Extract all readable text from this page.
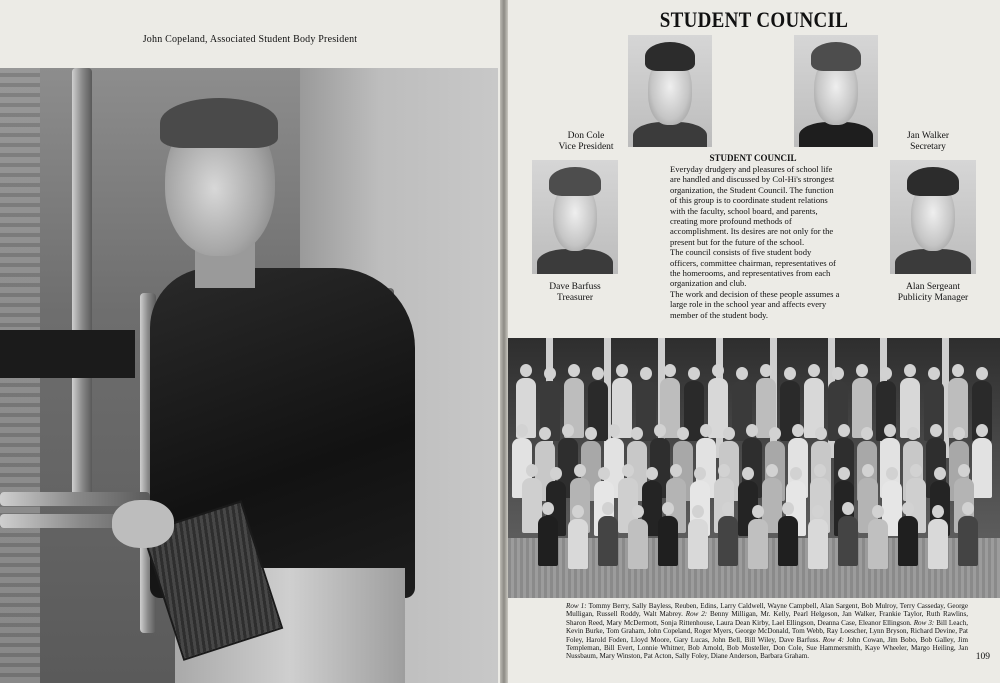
John Copeland, Associated Student Body President
STUDENT COUNCIL
Don Cole
Vice President
Jan Walker
Secretary
Dave Barfuss
Treasurer
Alan Sergeant
Publicity Manager
STUDENT COUNCIL

Everyday drudgery and pleasures of school life are handled and discussed by Col-Hi's strongest organization, the Student Council. The function of this group is to coordinate student relations with the faculty, school board, and parents, creating more profound methods of accomplishment. Its desires are not only for the present but for the future of the school.

The council consists of five student body officers, committee chairman, representatives of the homerooms, and representatives from each organization and club.

The work and decision of these people assumes a large role in the school year and affects every member of the student body.

Row 1: Tommy Berry, Sally Bayless, Reuben, Edins, Larry Caldwell, Wayne Campbell, Alan Sargent, Bob Mulroy, Terry Casseday, George Mulligan, Russell Roddy, Walt Mabrey. Row 2: Benny Milligan, Mr. Kelly, Pearl Helgeson, Jan Walker, Frankie Taylor, Ruth Rawlins, Sharon Reed, Mary McDermott, Sonja Rittenhouse, Laura Dean Kirby, Lael Ellingson, Deanna Case, Eleanor Ellingson. Row 3: Bill Leach, Kevin Burke, Tom Graham, John Copeland, Roger Myers, George McDonald, Tom Webb, Ray Loescher, Lynn Bryson, Richard Devine, Pat Foley, Harold Foden, Lloyd Moore, Gary Lucas, John Bell, Bill Wiley, Dave Barfuss. Row 4: John Cowan, Jim Bobo, Bob Galley, Jim Templeman, Bill Evert, Lonnie Whitner, Bob Arnold, Bob Mosteller, Don Cole, Sue Hammersmith, Kaye Wheeler, Margo Heiling, Jan Nussbaum, Mary Winston, Pat Acton, Sally Foley, Diane Anderson, Barbara Graham.	109
